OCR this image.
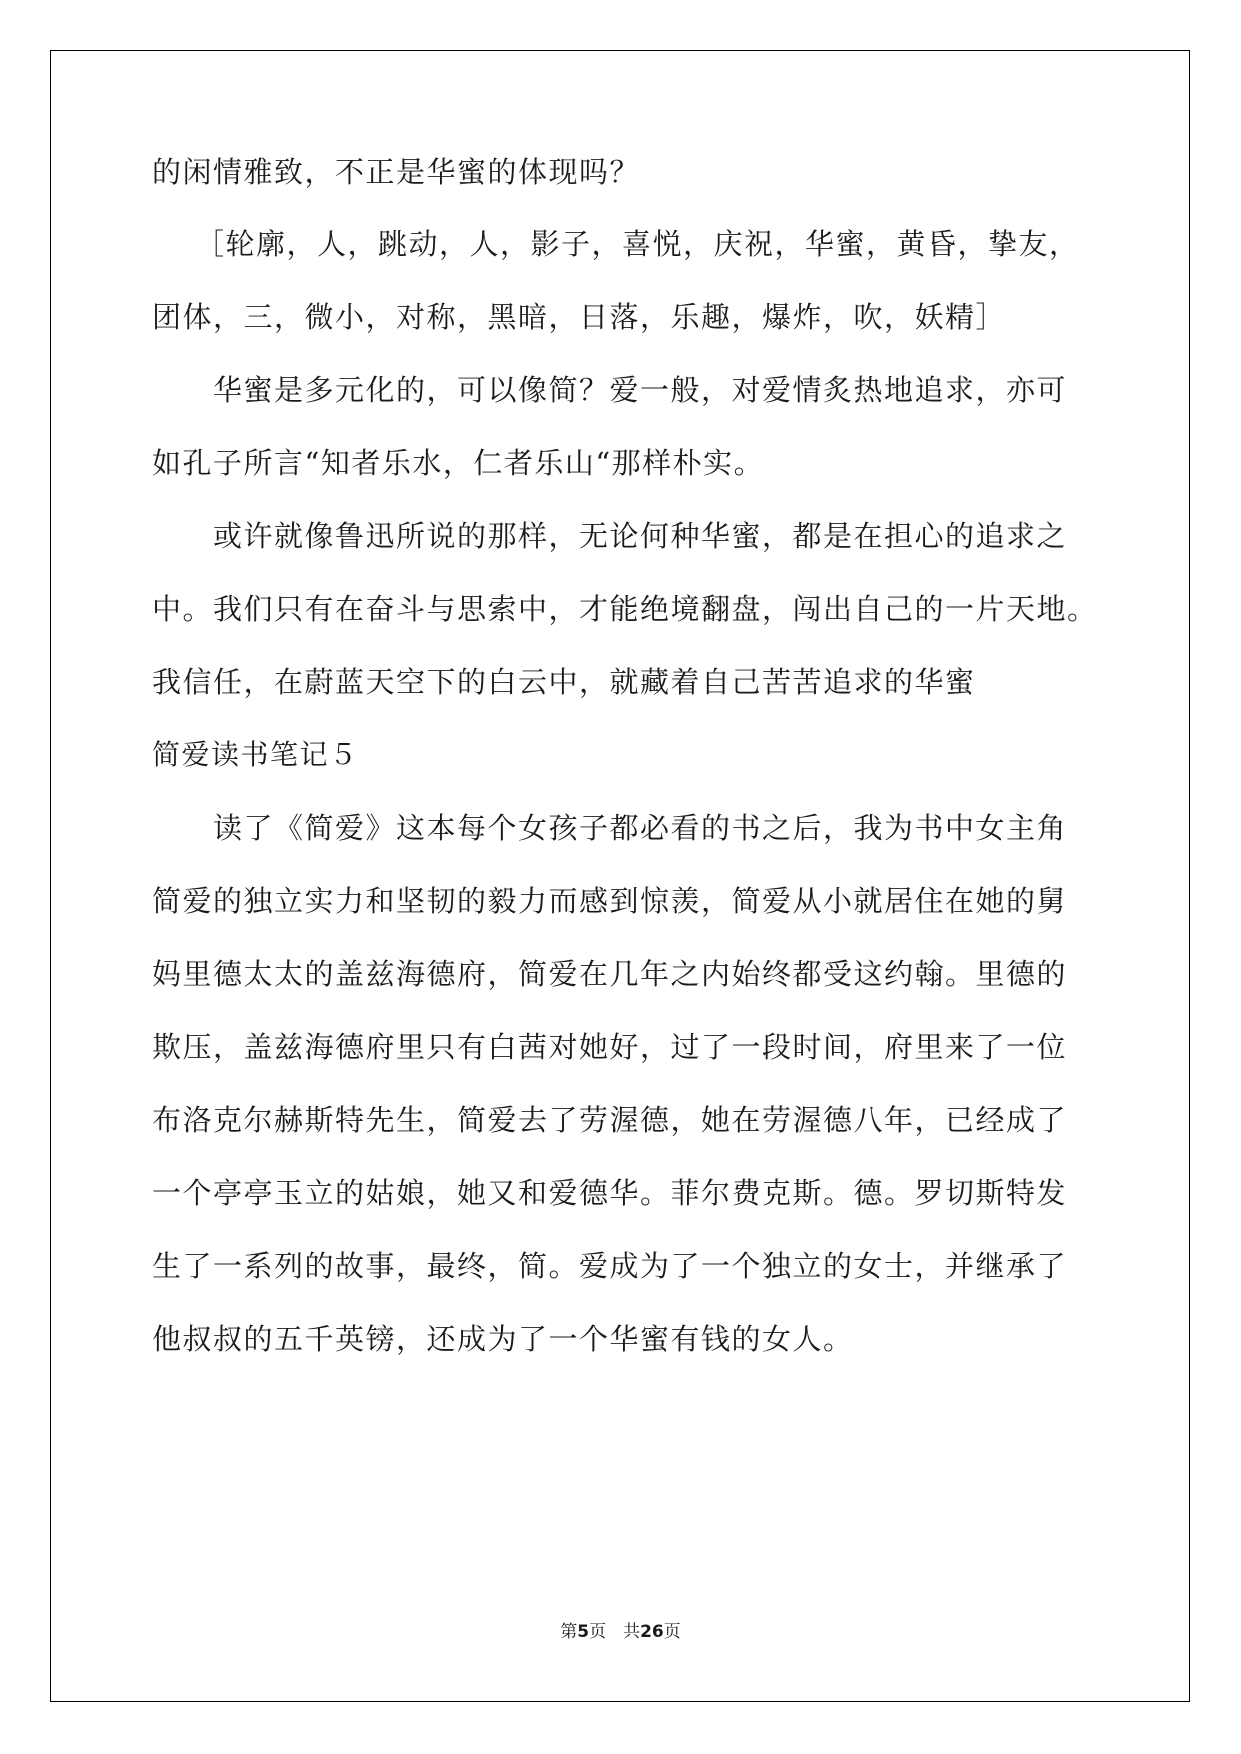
的闲情雅致，不正是华蜜的体现吗？
［轮廓，人，跳动，人，影子，喜悦，庆祝，华蜜，黄昏，挚友，
团体，三，微小，对称，黑暗，日落，乐趣，爆炸，吹，妖精］
华蜜是多元化的，可以像简？爱一般，对爱情炙热地追求，亦可
如孔子所言“知者乐水，仁者乐山“那样朴实。
或许就像鲁迅所说的那样，无论何种华蜜，都是在担心的追求之
中。我们只有在奋斗与思索中，才能绝境翻盘，闯出自己的一片天地。
我信任，在蔚蓝天空下的白云中，就藏着自己苦苦追求的华蜜
简爱读书笔记５
读了《简爱》这本每个女孩子都必看的书之后，我为书中女主角
简爱的独立实力和坚韧的毅力而感到惊羡，简爱从小就居住在她的舅
妈里德太太的盖兹海德府，简爱在几年之内始终都受这约翰。里德的
欺压，盖兹海德府里只有白茜对她好，过了一段时间，府里来了一位
布洛克尔赫斯特先生，简爱去了劳渥德，她在劳渥德八年，已经成了
一个亭亭玉立的姑娘，她又和爱德华。菲尔费克斯。德。罗切斯特发
生了一系列的故事，最终，简。爱成为了一个独立的女士，并继承了
他叔叔的五千英镑，还成为了一个华蜜有钱的女人。
第5页　共26页
